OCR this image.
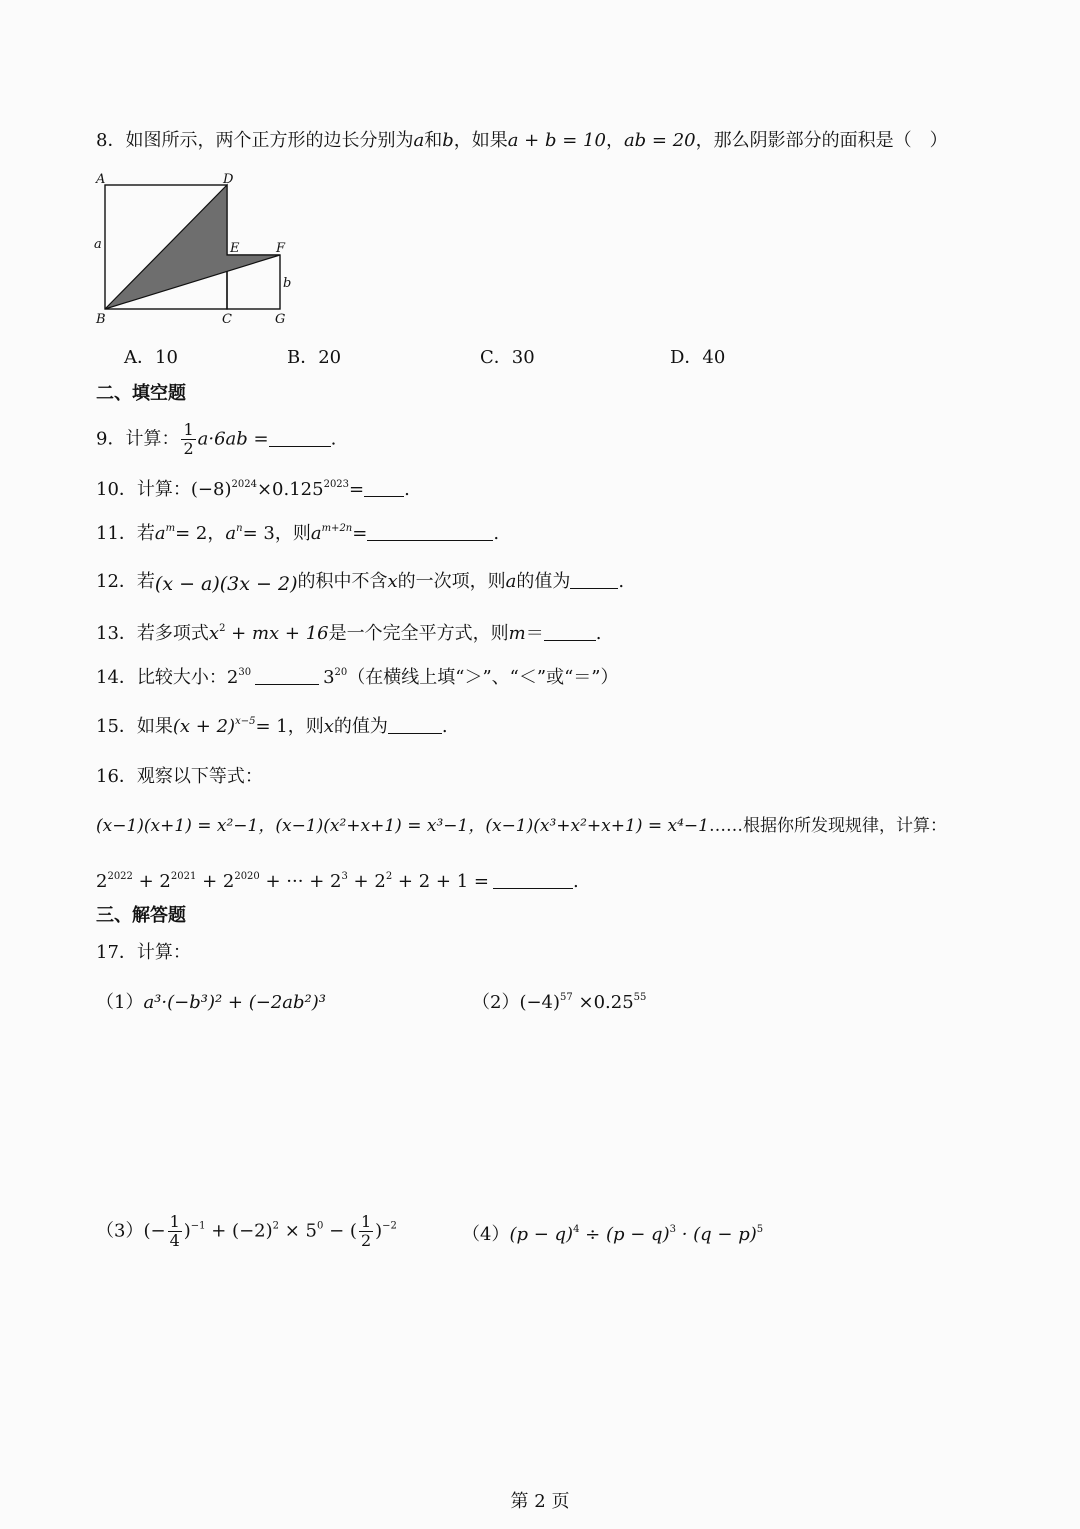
8．如图所示，两个正方形的边长分别为a和b，如果a + b = 10，ab = 20，那么阴影部分的面积是（　）
A	D
a	E	F
b
B	C	G
A．10	B．20	C．30	D．40
二、填空题
9．计算： $\frac{1}{2} a\cdot 6ab$ =	.
10．计算：$(-8)^{2024}\times 0.125^{2023}=$ .
11．若$a^m= 2$，$a^n= 3$，则$a^{m+2n}=$	.
12．若(x − a)(3x − 2)的积中不含x的一次项，则a的值为	.
13．若多项式$x^2$ + mx + 16是一个完全平方式，则m＝	.
14．比较大小：$2^{30}$	$3^{20}$（在横线上填“＞”、“＜”或“＝”）
15．如果$(x + 2)^{x-5}= 1$，则x的值为	.
16．观察以下等式：
(x−1)(x+1) = x²−1，(x−1)(x²+x+1) = x³−1，(x−1)(x³+x²+x+1) = x⁴−1……根据你所发现规律，计算：
$2^{2022} + 2^{2021} + 2^{2020}$ + ··· + $2^3 + 2^2 + 2 + 1$ =	.
三、解答题
17．计算：
（1）a³·(−b³)² + (−2ab²)³	$(2)(-4)^{57} \times 0.25^{55}$
$(3)(- \frac{1}{4} )^{-1} + (-2)^2 \times 5^0$ − ( $\frac{1}{2} )^{-2}$	$(4)(p - q)^4 \div (p - q)^3 \cdot (q - p)^5$
第 2 页
